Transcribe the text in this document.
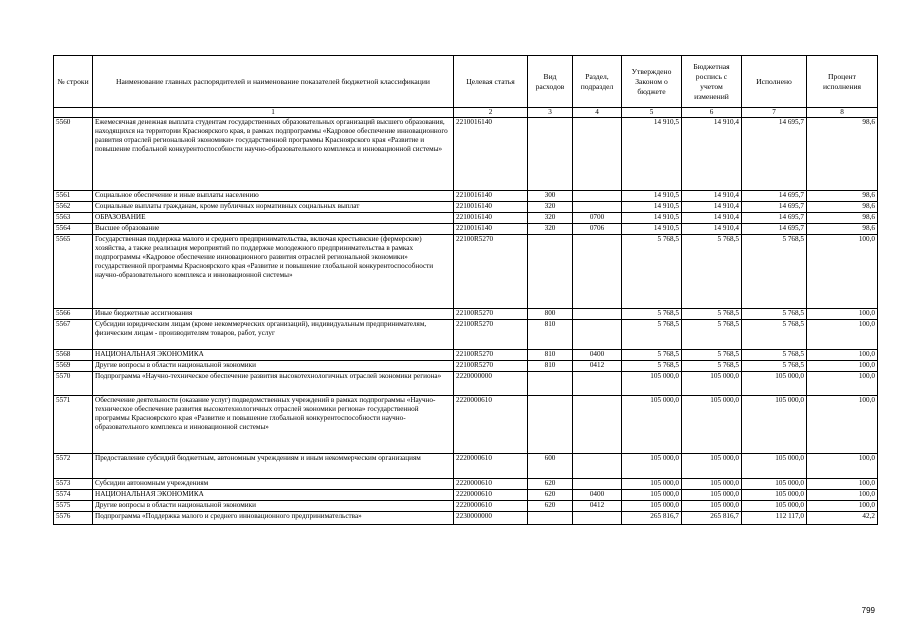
№ строки	Наименование главных распорядителей и наименование показателей бюджетной классификации	Целевая статья	Вид расходов	Раздел, подраздел	Утверждено Законом о бюджете	Бюджетная роспись с учетом изменений	Исполнено	Процент исполнения
	1	2	3	4	5	6	7	8
5560	Ежемесячная денежная выплата студентам государственных образовательных организаций высшего образования, находящихся на территории Красноярского края, в рамках подпрограммы «Кадровое обеспечение инновационного развития отраслей региональной экономики» государственной программы Красноярского края «Развитие и повышение глобальной конкурентоспособности научно-образовательного комплекса и инновационной системы»	2210016140			14 910,5	14 910,4	14 695,7	98,6
5561	Социальное обеспечение и иные выплаты населению	2210016140	300		14 910,5	14 910,4	14 695,7	98,6
5562	Социальные выплаты гражданам, кроме публичных нормативных социальных выплат	2210016140	320		14 910,5	14 910,4	14 695,7	98,6
5563	ОБРАЗОВАНИЕ	2210016140	320	0700	14 910,5	14 910,4	14 695,7	98,6
5564	Высшее образование	2210016140	320	0706	14 910,5	14 910,4	14 695,7	98,6
5565	Государственная поддержка малого и среднего предпринимательства, включая крестьянские (фермерские) хозяйства, а также реализация мероприятий по поддержке молодежного предпринимательства в рамках подпрограммы «Кадровое обеспечение инновационного развития отраслей региональной экономики» государственной программы Красноярского края «Развитие и повышение глобальной конкурентоспособности научно-образовательного комплекса и инновационной системы»	22100R5270			5 768,5	5 768,5	5 768,5	100,0
5566	Иные бюджетные ассигнования	22100R5270	800		5 768,5	5 768,5	5 768,5	100,0
5567	Субсидии юридическим лицам (кроме некоммерческих организаций), индивидуальным предпринимателям, физическим лицам - производителям товаров, работ, услуг	22100R5270	810		5 768,5	5 768,5	5 768,5	100,0
5568	НАЦИОНАЛЬНАЯ ЭКОНОМИКА	22100R5270	810	0400	5 768,5	5 768,5	5 768,5	100,0
5569	Другие вопросы в области национальной экономики	22100R5270	810	0412	5 768,5	5 768,5	5 768,5	100,0
5570	Подпрограмма «Научно-техническое обеспечение развития высокотехнологичных отраслей экономики региона»	2220000000			105 000,0	105 000,0	105 000,0	100,0
5571	Обеспечение деятельности (оказание услуг) подведомственных учреждений в рамках подпрограммы «Научно-техническое обеспечение развития высокотехнологичных отраслей экономики региона» государственной программы Красноярского края «Развитие и повышение глобальной конкурентоспособности научно-образовательного комплекса и инновационной системы»	2220000610			105 000,0	105 000,0	105 000,0	100,0
5572	Предоставление субсидий бюджетным, автономным учреждениям и иным некоммерческим организациям	2220000610	600		105 000,0	105 000,0	105 000,0	100,0
5573	Субсидии автономным учреждениям	2220000610	620		105 000,0	105 000,0	105 000,0	100,0
5574	НАЦИОНАЛЬНАЯ ЭКОНОМИКА	2220000610	620	0400	105 000,0	105 000,0	105 000,0	100,0
5575	Другие вопросы в области национальной экономики	2220000610	620	0412	105 000,0	105 000,0	105 000,0	100,0
5576	Подпрограмма «Поддержка малого и среднего инновационного предпринимательства»	2230000000			265 816,7	265 816,7	112 117,0	42,2
799
